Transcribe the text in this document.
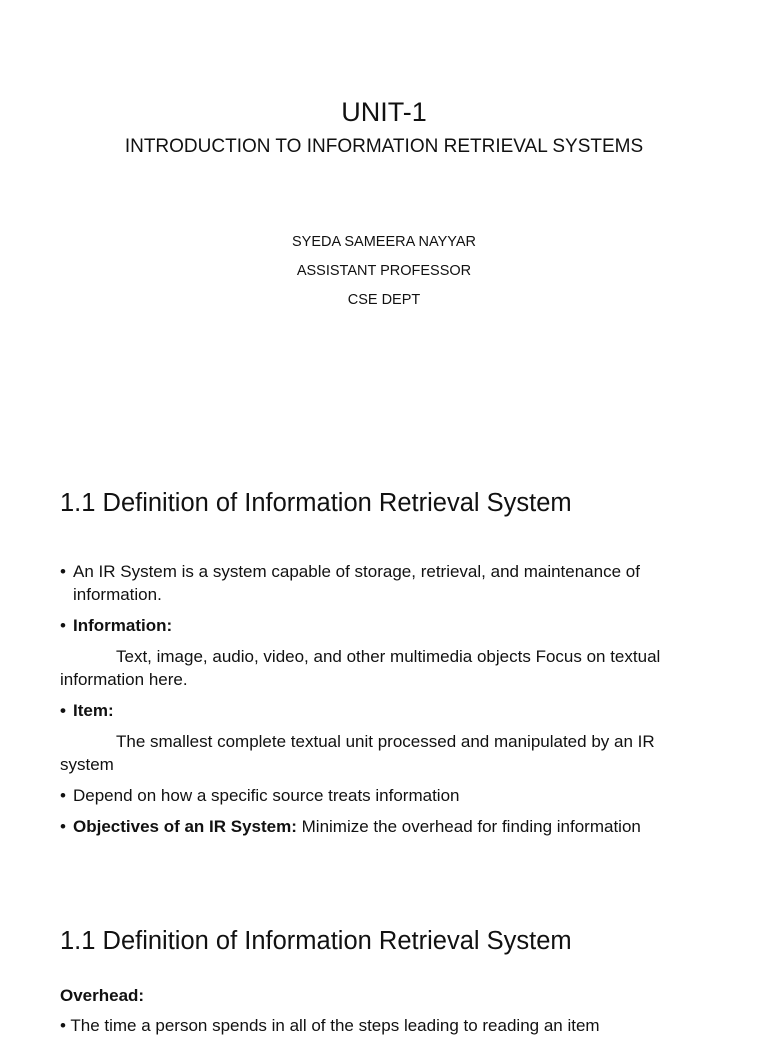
UNIT-1
INTRODUCTION TO INFORMATION RETRIEVAL SYSTEMS
SYEDA SAMEERA NAYYAR
ASSISTANT PROFESSOR
CSE DEPT
1.1 Definition of Information Retrieval System

• An IR System is a system capable of storage, retrieval, and maintenance of information.

• Information:

Text, image, audio, video, and other multimedia objects Focus on textual information here.

• Item:

The smallest complete textual unit processed and manipulated by an IR system

• Depend on how a specific source treats information

• Objectives of an IR System: Minimize the overhead for finding information

1.1 Definition of Information Retrieval System
Overhead:
• The time a person spends in all of the steps leading to reading an item
